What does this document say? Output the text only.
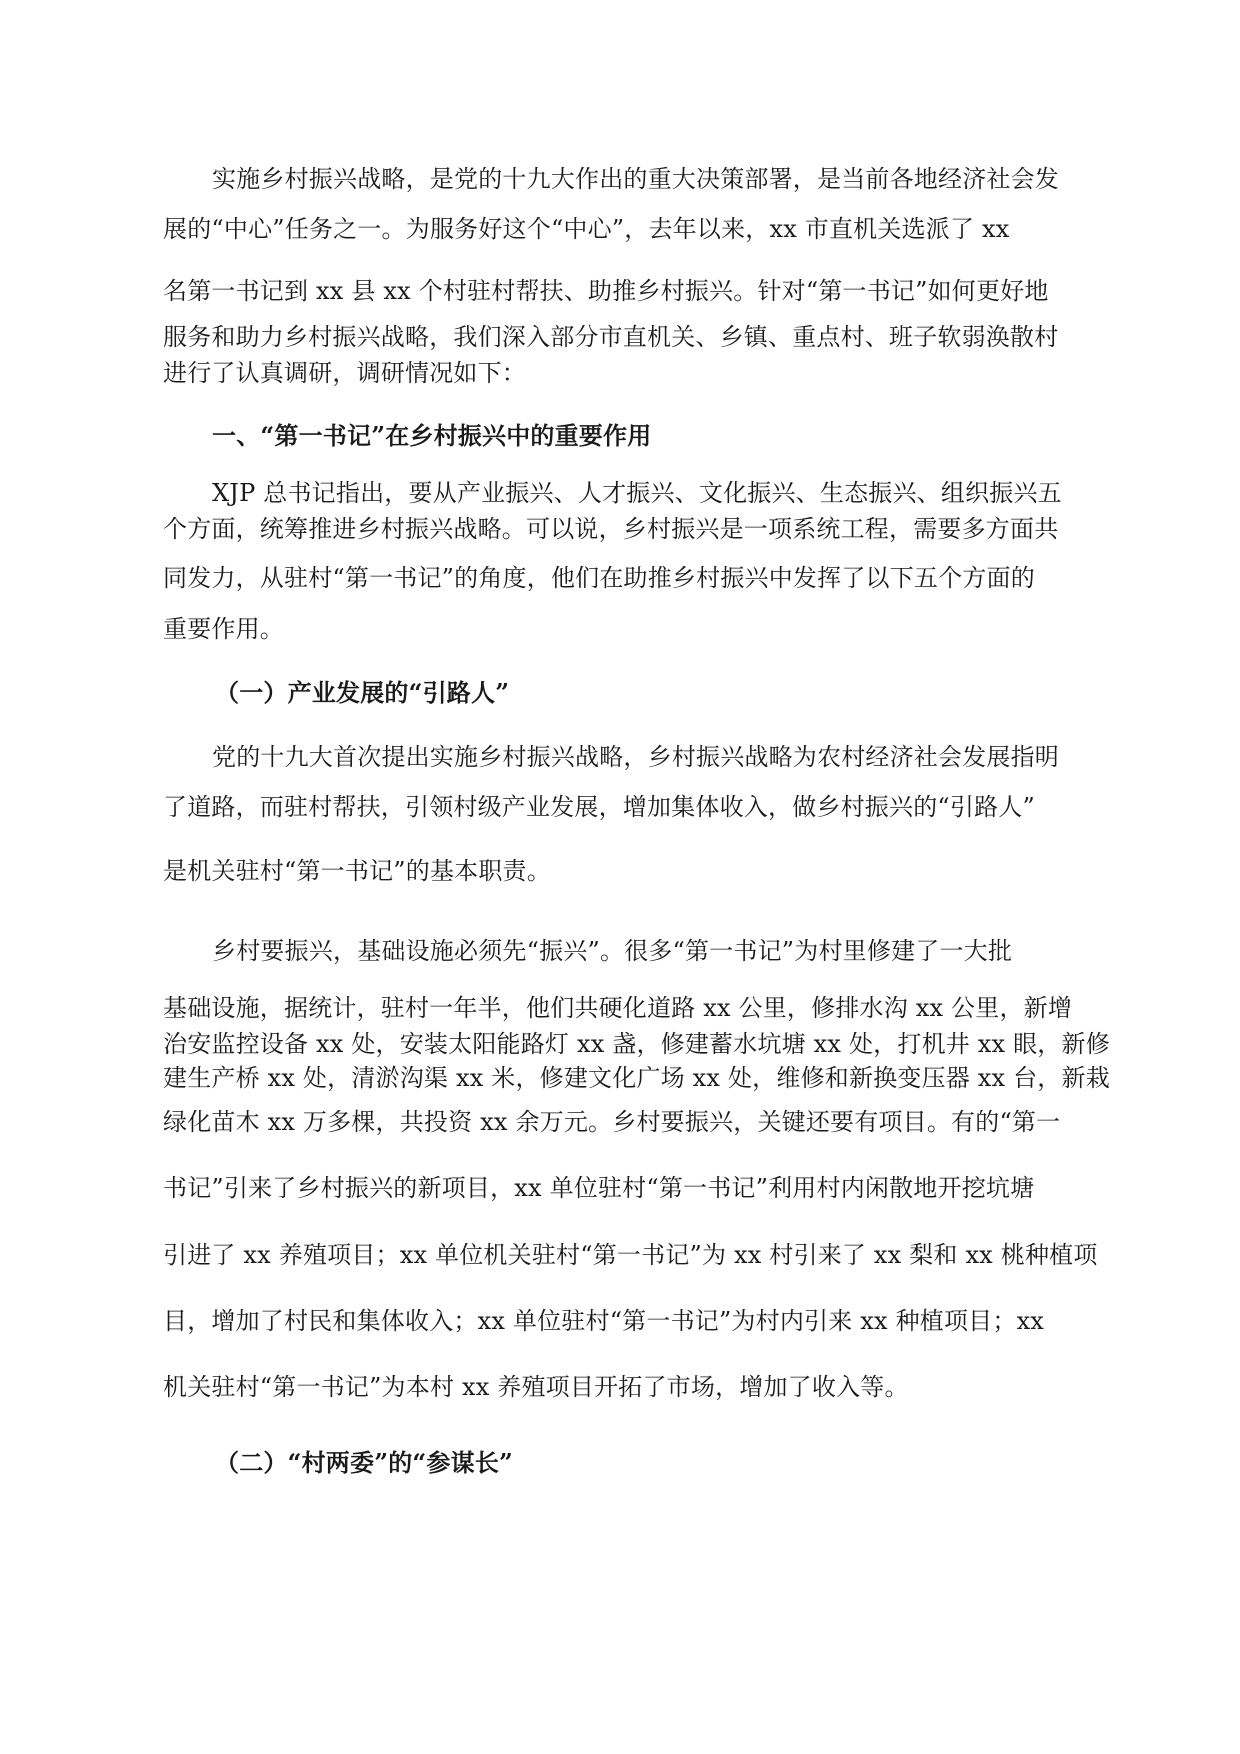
实施乡村振兴战略，是党的十九大作出的重大决策部署，是当前各地经济社会发
展的“中心”任务之一。为服务好这个“中心”，去年以来，xx 市直机关选派了 xx
名第一书记到 xx 县 xx 个村驻村帮扶、助推乡村振兴。针对“第一书记”如何更好地
服务和助力乡村振兴战略，我们深入部分市直机关、乡镇、重点村、班子软弱涣散村
进行了认真调研，调研情况如下：
一、“第一书记”在乡村振兴中的重要作用
XJP 总书记指出，要从产业振兴、人才振兴、文化振兴、生态振兴、组织振兴五
个方面，统筹推进乡村振兴战略。可以说，乡村振兴是一项系统工程，需要多方面共
同发力，从驻村“第一书记”的角度，他们在助推乡村振兴中发挥了以下五个方面的
重要作用。
（一）产业发展的“引路人”
党的十九大首次提出实施乡村振兴战略，乡村振兴战略为农村经济社会发展指明
了道路，而驻村帮扶，引领村级产业发展，增加集体收入，做乡村振兴的“引路人”
是机关驻村“第一书记”的基本职责。
乡村要振兴，基础设施必须先“振兴”。很多“第一书记”为村里修建了一大批
基础设施，据统计，驻村一年半，他们共硬化道路 xx 公里，修排水沟 xx 公里，新增
治安监控设备 xx 处，安装太阳能路灯 xx 盏，修建蓄水坑塘 xx 处，打机井 xx 眼，新修
建生产桥 xx 处，清淤沟渠 xx 米，修建文化广场 xx 处，维修和新换变压器 xx 台，新栽
绿化苗木 xx 万多棵，共投资 xx 余万元。乡村要振兴，关键还要有项目。有的“第一
书记”引来了乡村振兴的新项目，xx 单位驻村“第一书记”利用村内闲散地开挖坑塘
引进了 xx 养殖项目；xx 单位机关驻村“第一书记”为 xx 村引来了 xx 梨和 xx 桃种植项
目，增加了村民和集体收入；xx 单位驻村“第一书记”为村内引来 xx 种植项目；xx
机关驻村“第一书记”为本村 xx 养殖项目开拓了市场，增加了收入等。
（二）“村两委”的“参谋长”
